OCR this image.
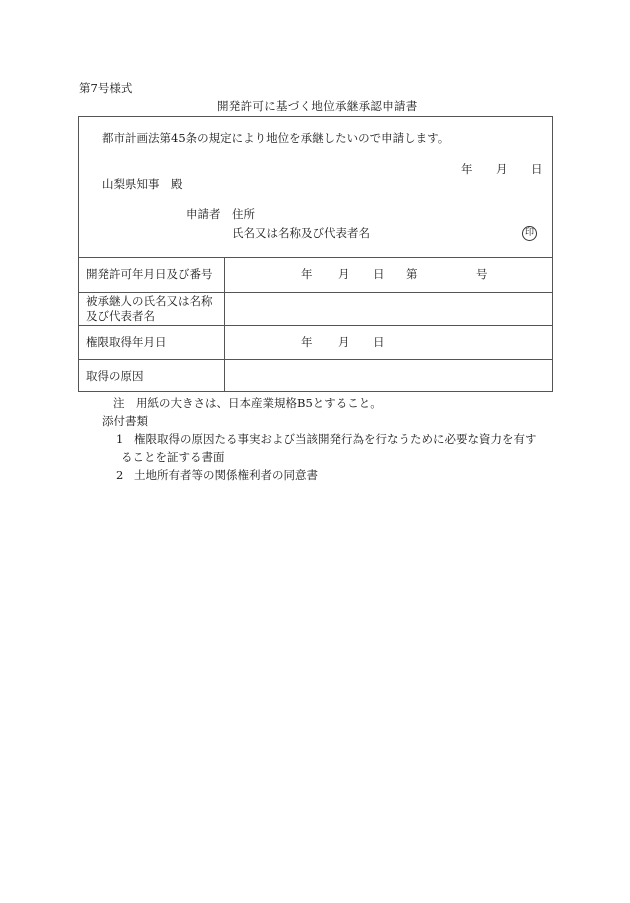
第7号様式
開発許可に基づく地位承継承認申請書
都市計画法第45条の規定により地位を承継したいので申請します。
年 月 日
山梨県知事　殿
申請者 住所
氏名又は名称及び代表者名	印
開発許可年月日及び番号	年 月 日 第	号
被承継人の氏名又は名称
及び代表者名
権限取得年月日	年 月 日
取得の原因
注　用紙の大きさは、日本産業規格B5とすること。
添付書類
1 権限取得の原因たる事実および当該開発行為を行なうために必要な資力を有す
ることを証する書面
2 土地所有者等の関係権利者の同意書
